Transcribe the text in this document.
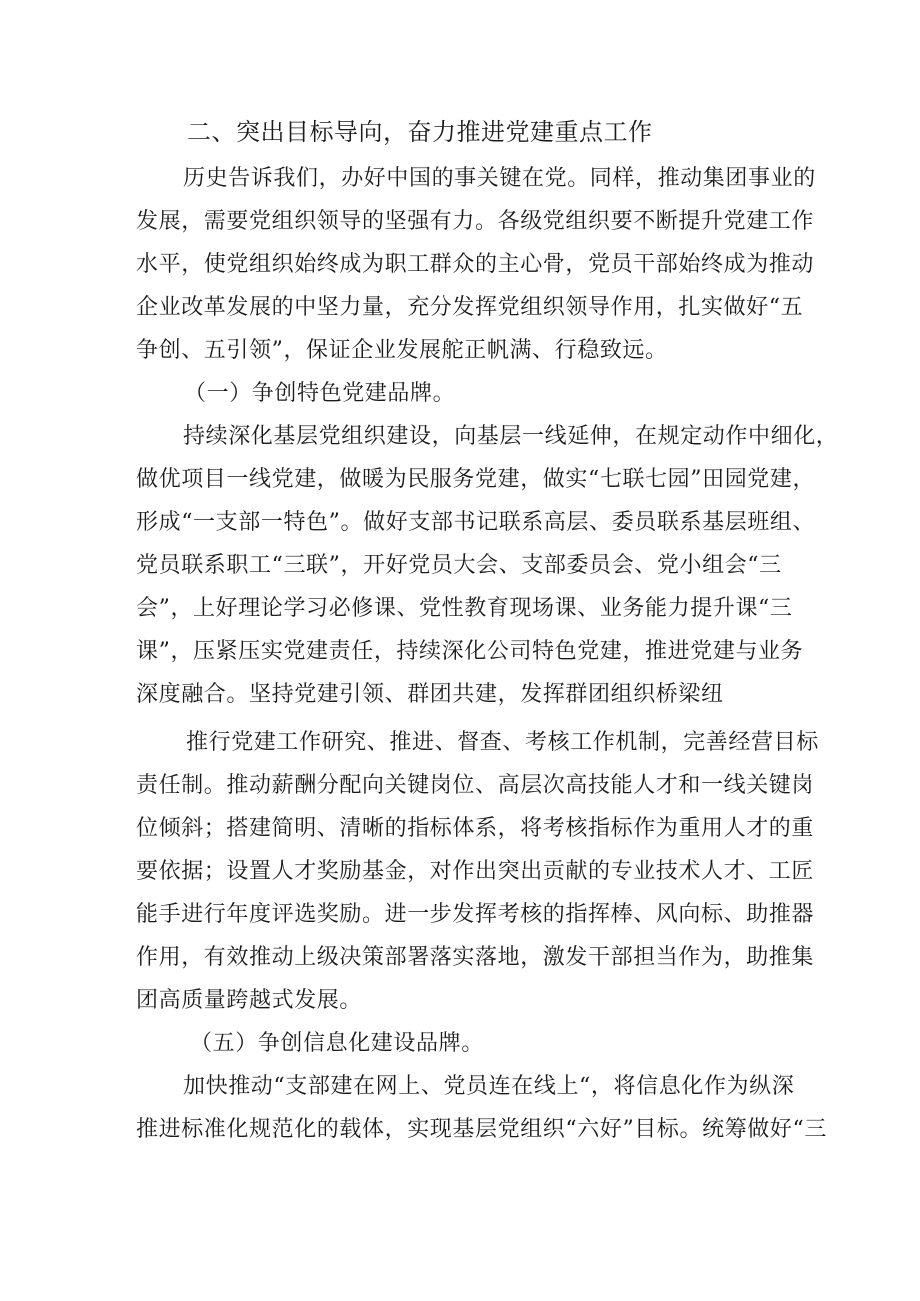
二、突出目标导向，奋力推进党建重点工作
历史告诉我们，办好中国的事关键在党。同样，推动集团事业的
发展，需要党组织领导的坚强有力。各级党组织要不断提升党建工作
水平，使党组织始终成为职工群众的主心骨，党员干部始终成为推动
企业改革发展的中坚力量，充分发挥党组织领导作用，扎实做好“五
争创、五引领”，保证企业发展舵正帆满、行稳致远。
（一）争创特色党建品牌。
持续深化基层党组织建设，向基层一线延伸，在规定动作中细化，
做优项目一线党建，做暖为民服务党建，做实“七联七园”田园党建，
形成“一支部一特色”。做好支部书记联系高层、委员联系基层班组、
党员联系职工“三联”，开好党员大会、支部委员会、党小组会“三
会”，上好理论学习必修课、党性教育现场课、业务能力提升课“三
课”，压紧压实党建责任，持续深化公司特色党建，推进党建与业务
深度融合。坚持党建引领、群团共建，发挥群团组织桥梁纽
推行党建工作研究、推进、督查、考核工作机制，完善经营目标
责任制。推动薪酬分配向关键岗位、高层次高技能人才和一线关键岗
位倾斜；搭建简明、清晰的指标体系，将考核指标作为重用人才的重
要依据；设置人才奖励基金，对作出突出贡献的专业技术人才、工匠
能手进行年度评选奖励。进一步发挥考核的指挥棒、风向标、助推器
作用，有效推动上级决策部署落实落地，激发干部担当作为，助推集
团高质量跨越式发展。
（五）争创信息化建设品牌。
加快推动“支部建在网上、党员连在线上“，将信息化作为纵深
推进标准化规范化的载体，实现基层党组织“六好”目标。统筹做好“三
